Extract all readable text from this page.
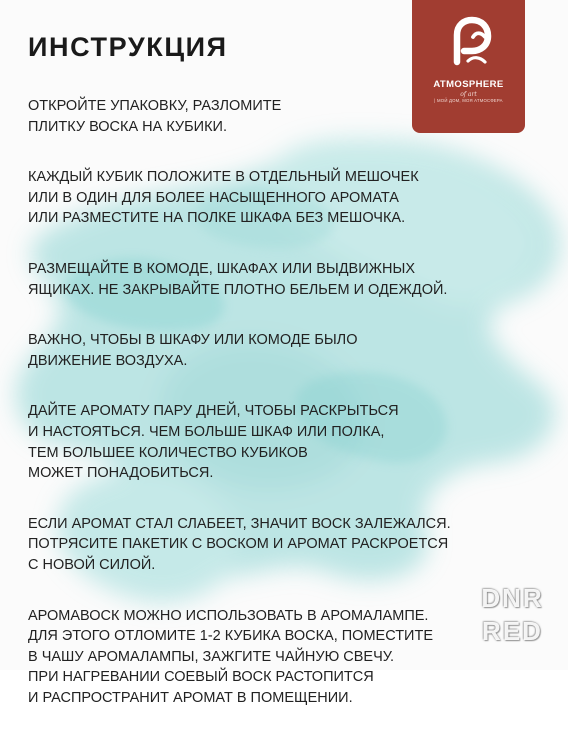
ИНСТРУКЦИЯ
ATMOSPHERE
of art
| МОЙ ДОМ, МОЯ АТМОСФЕРА

ОТКРОЙТЕ УПАКОВКУ, РАЗЛОМИТЕ
ПЛИТКУ ВОСКА НА КУБИКИ.

КАЖДЫЙ КУБИК ПОЛОЖИТЕ В ОТДЕЛЬНЫЙ МЕШОЧЕК
ИЛИ В ОДИН ДЛЯ БОЛЕЕ НАСЫЩЕННОГО АРОМАТА
ИЛИ РАЗМЕСТИТЕ НА ПОЛКЕ ШКАФА БЕЗ МЕШОЧКА.

РАЗМЕЩАЙТЕ В КОМОДЕ, ШКАФАХ ИЛИ ВЫДВИЖНЫХ
ЯЩИКАХ. НЕ ЗАКРЫВАЙТЕ ПЛОТНО БЕЛЬЕМ И ОДЕЖДОЙ.

ВАЖНО, ЧТОБЫ В ШКАФУ ИЛИ КОМОДЕ БЫЛО
ДВИЖЕНИЕ ВОЗДУХА.

ДАЙТЕ АРОМАТУ ПАРУ ДНЕЙ, ЧТОБЫ РАСКРЫТЬСЯ
И НАСТОЯТЬСЯ. ЧЕМ БОЛЬШЕ ШКАФ ИЛИ ПОЛКА,
ТЕМ БОЛЬШЕЕ КОЛИЧЕСТВО КУБИКОВ
МОЖЕТ ПОНАДОБИТЬСЯ.

ЕСЛИ АРОМАТ СТАЛ СЛАБЕЕТ, ЗНАЧИТ ВОСК ЗАЛЕЖАЛСЯ.
ПОТРЯСИТЕ ПАКЕТИК С ВОСКОМ И АРОМАТ РАСКРОЕТСЯ
С НОВОЙ СИЛОЙ.

АРОМАВОСК МОЖНО ИСПОЛЬЗОВАТЬ В АРОМАЛАМПЕ.
ДЛЯ ЭТОГО ОТЛОМИТЕ 1-2 КУБИКА ВОСКА, ПОМЕСТИТЕ
В ЧАШУ АРОМАЛАМПЫ, ЗАЖГИТЕ ЧАЙНУЮ СВЕЧУ.
ПРИ НАГРЕВАНИИ СОЕВЫЙ ВОСК РАСТОПИТСЯ
И РАСПРОСТРАНИТ АРОМАТ В ПОМЕЩЕНИИ.

DNR
RED
